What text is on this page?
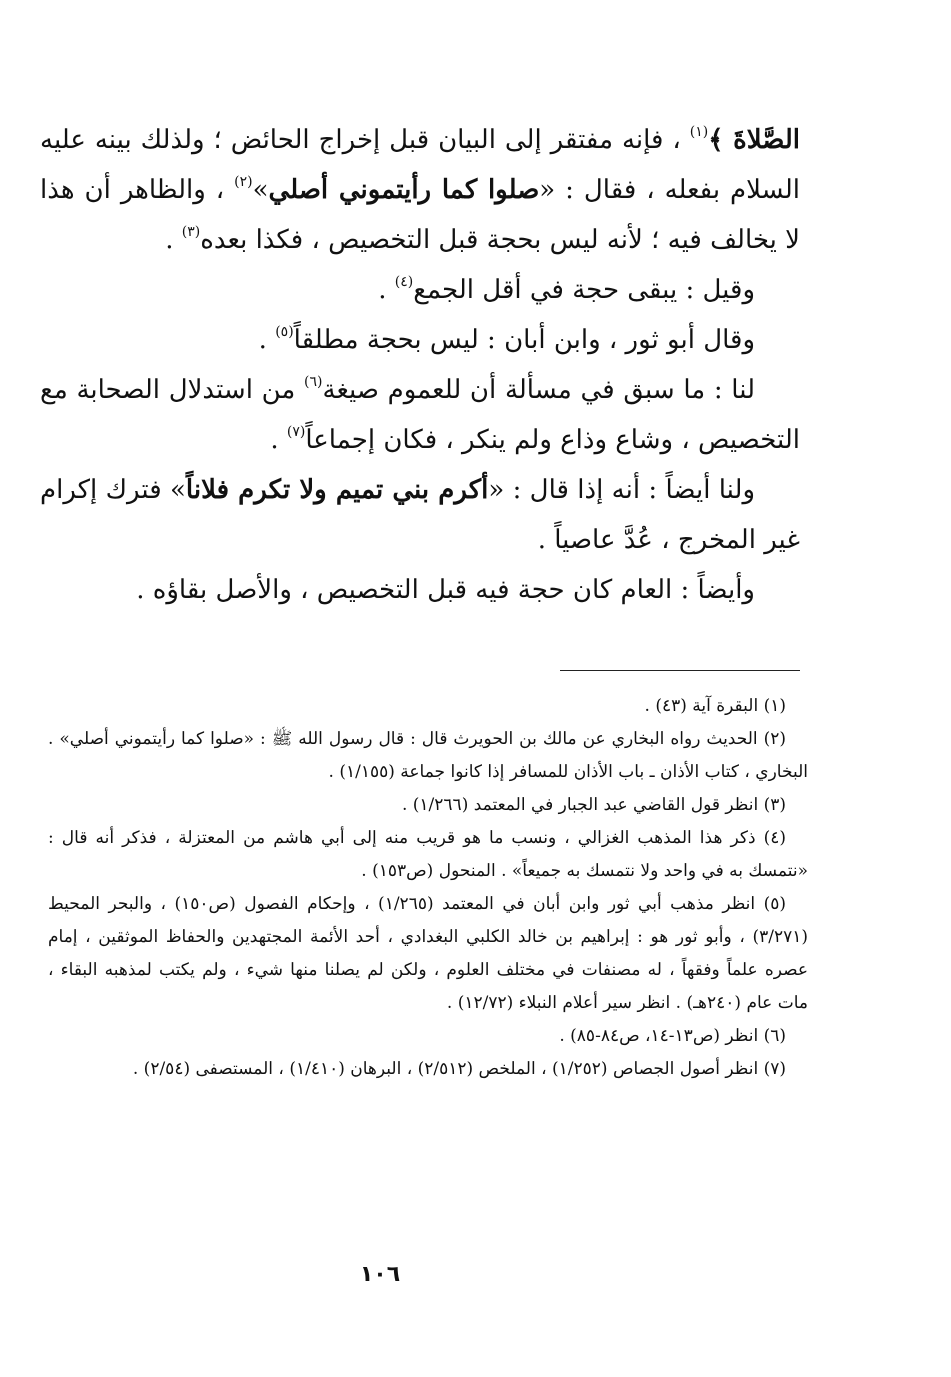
الصَّلاةَ ﴾$^{(١)}$ ، فإنه مفتقر إلى البيان قبل إخراج الحائض ؛ ولذلك بينه عليه السلام بفعله ، فقال : «صلوا كما رأيتموني أصلي»$^{(٢)}$ ، والظاهر أن هذا لا يخالف فيه ؛ لأنه ليس بحجة قبل التخصيص ، فكذا بعده$^{(٣)}$ .

وقيل : يبقى حجة في أقل الجمع$^{(٤)}$ .

وقال أبو ثور ، وابن أبان : ليس بحجة مطلقاً$^{(٥)}$ .

لنا : ما سبق في مسألة أن للعموم صيغة$^{(٦)}$ من استدلال الصحابة مع التخصيص ، وشاع وذاع ولم ينكر ، فكان إجماعاً$^{(٧)}$ .

ولنا أيضاً : أنه إذا قال : «أكرم بني تميم ولا تكرم فلاناً» فترك إكرام غير المخرج ، عُدَّ عاصياً .

وأيضاً : العام كان حجة فيه قبل التخصيص ، والأصل بقاؤه .

(١) البقرة آية (٤٣) .

(٢) الحديث رواه البخاري عن مالك بن الحويرث قال : قال رسول الله ﷺ : «صلوا كما رأيتموني أصلي» . البخاري ، كتاب الأذان ـ باب الأذان للمسافر إذا كانوا جماعة (١/١٥٥) .

(٣) انظر قول القاضي عبد الجبار في المعتمد (١/٢٦٦) .

(٤) ذكر هذا المذهب الغزالي ، ونسب ما هو قريب منه إلى أبي هاشم من المعتزلة ، فذكر أنه قال : «نتمسك به في واحد ولا نتمسك به جميعاً» . المنحول (ص١٥٣) .

(٥) انظر مذهب أبي ثور وابن أبان في المعتمد (١/٢٦٥) ، وإحكام الفصول (ص١٥٠) ، والبحر المحيط (٣/٢٧١) ، وأبو ثور هو : إبراهيم بن خالد الكلبي البغدادي ، أحد الأئمة المجتهدين والحفاظ الموثقين ، إمام عصره علماً وفقهاً ، له مصنفات في مختلف العلوم ، ولكن لم يصلنا منها شيء ، ولم يكتب لمذهبه البقاء ، مات عام (٢٤٠هـ) . انظر سير أعلام النبلاء (١٢/٧٢) .

(٦) انظر (ص١٣-١٤، ص٨٤-٨٥) .

(٧) انظر أصول الجصاص (١/٢٥٢) ، الملخص (٢/٥١٢) ، البرهان (١/٤١٠) ، المستصفى (٢/٥٤) .

١٠٦
